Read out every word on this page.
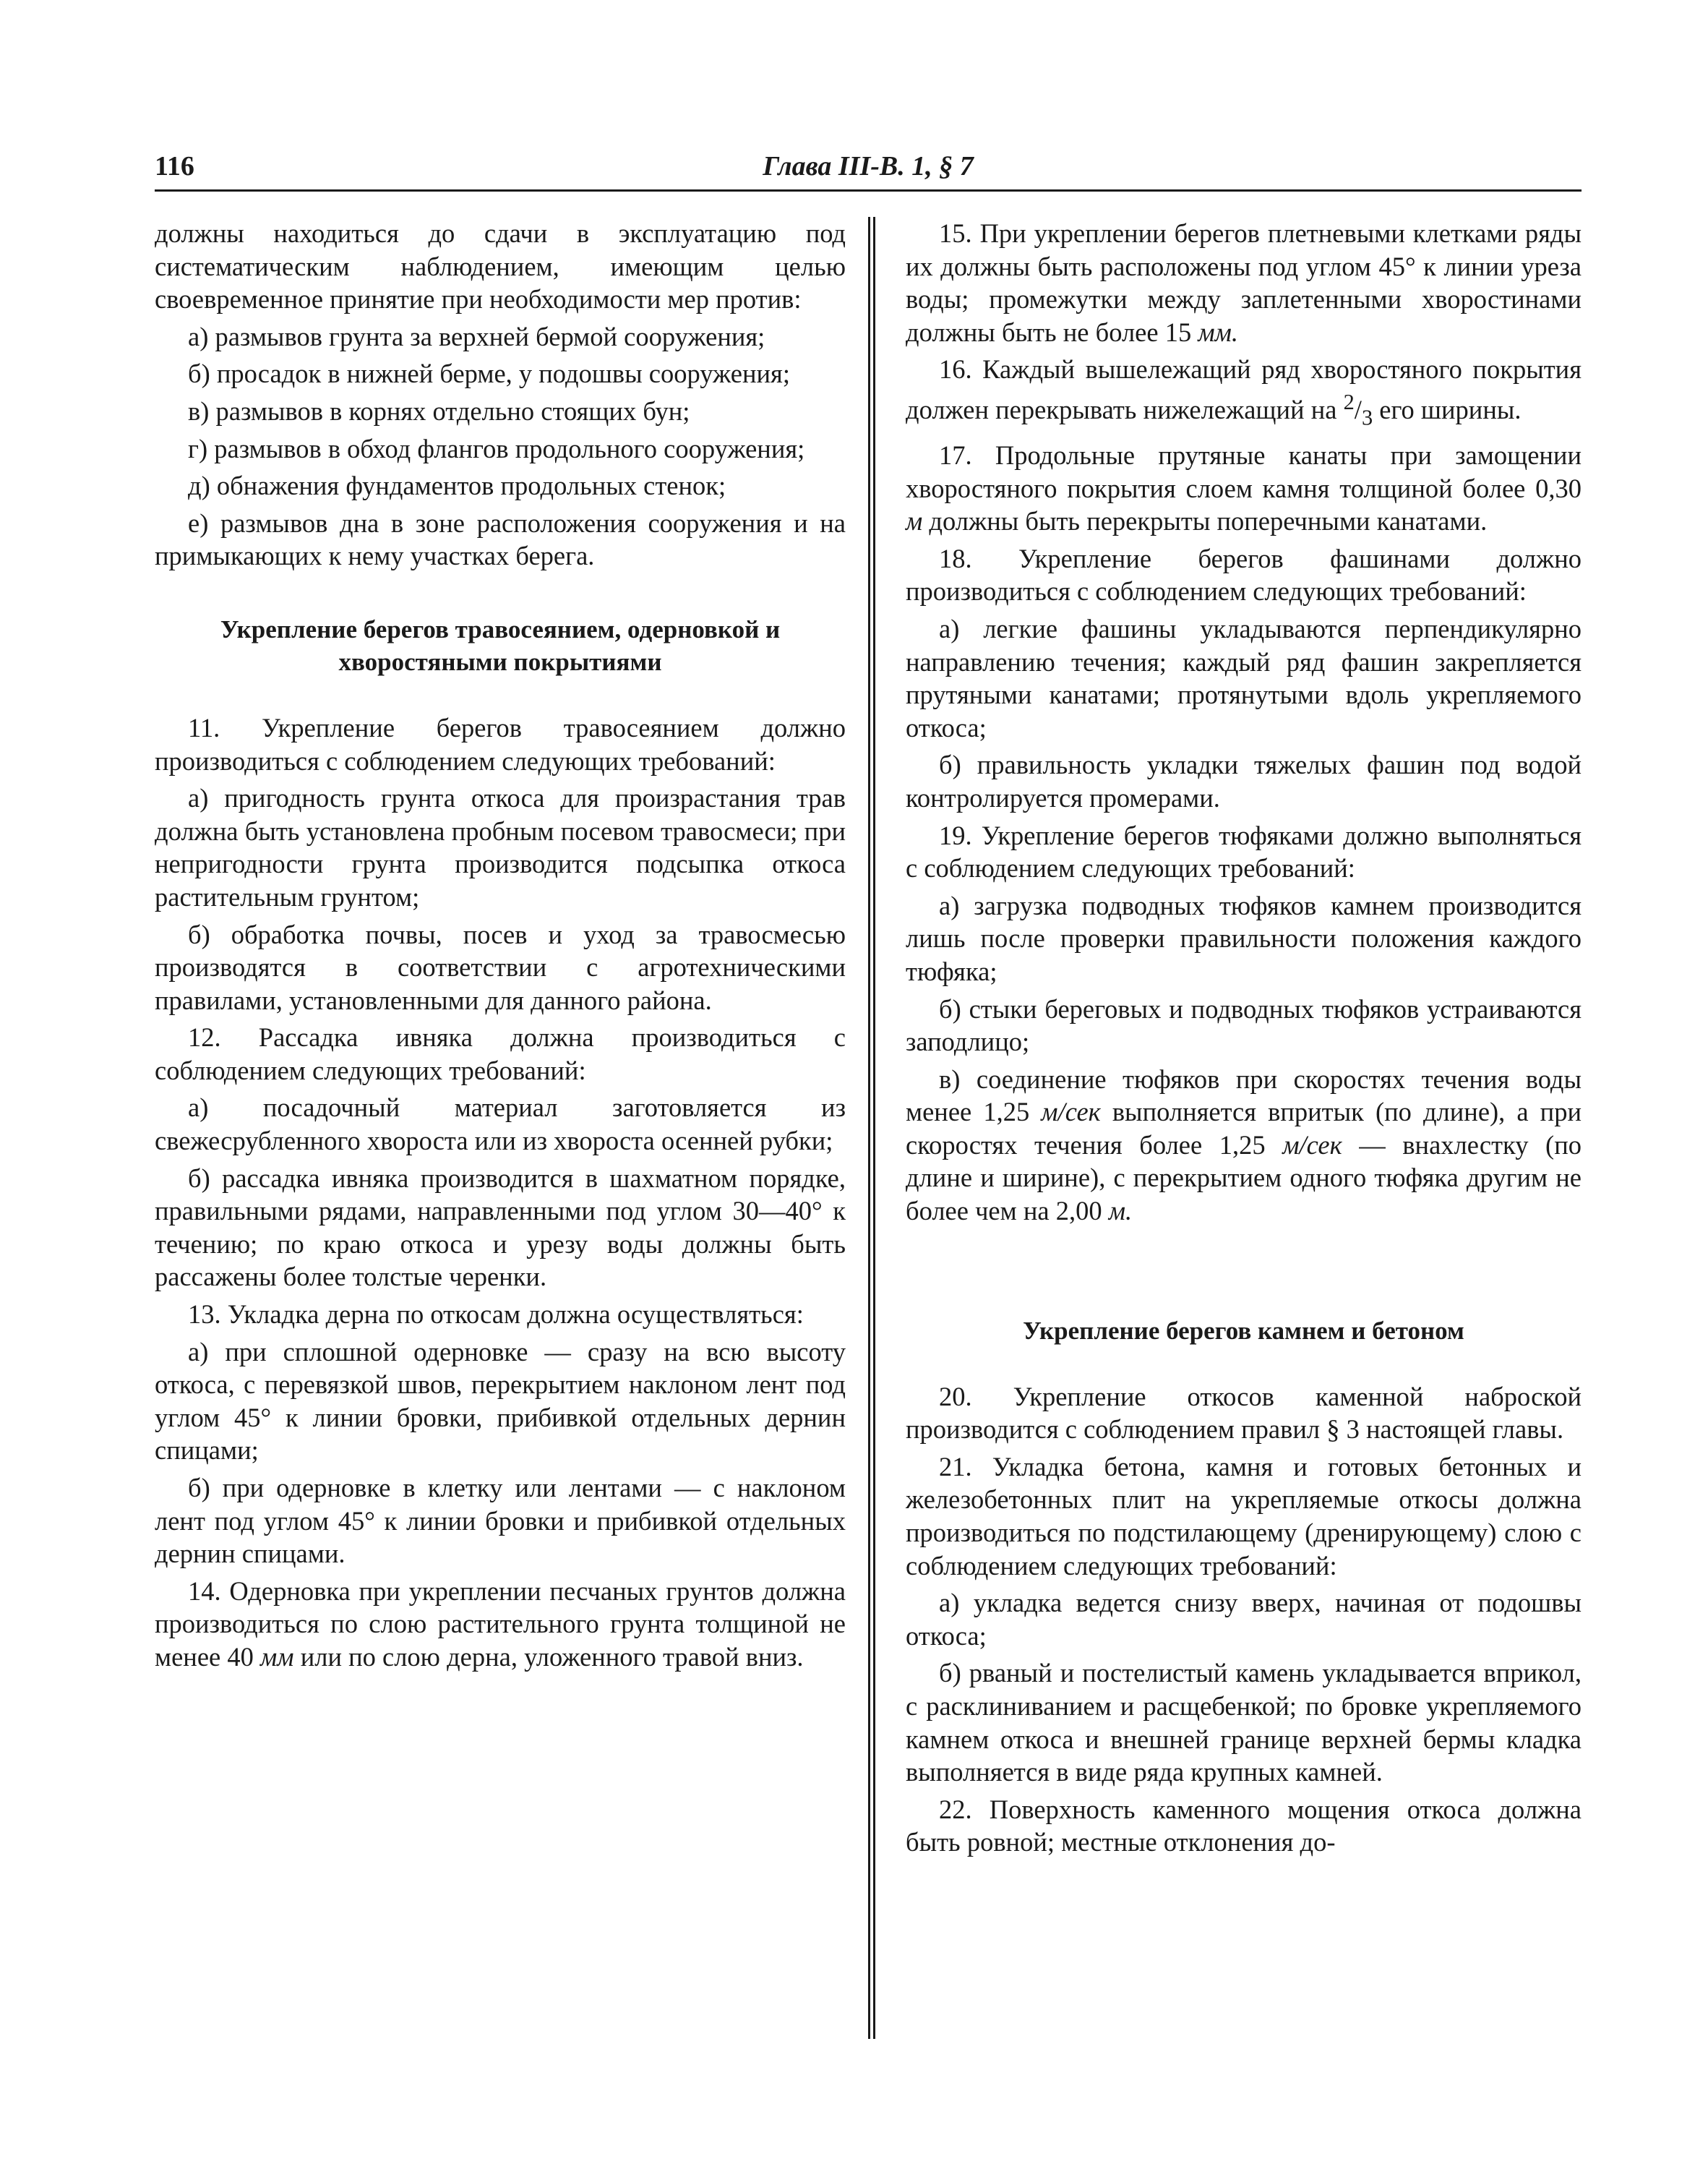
116	Глава III-В. 1, § 7

должны находиться до сдачи в эксплуатацию под систематическим наблюдением, имеющим целью своевременное принятие при необходимости мер против:

а) размывов грунта за верхней бермой сооружения;

б) просадок в нижней берме, у подошвы сооружения;

в) размывов в корнях отдельно стоящих бун;

г) размывов в обход флангов продольного сооружения;

д) обнажения фундаментов продольных стенок;

е) размывов дна в зоне расположения сооружения и на примыкающих к нему участках берега.

Укрепление берегов травосеянием, одерновкой и хворостяными покрытиями

11. Укрепление берегов травосеянием должно производиться с соблюдением следующих требований:

а) пригодность грунта откоса для произрастания трав должна быть установлена пробным посевом травосмеси; при непригодности грунта производится подсыпка откоса растительным грунтом;

б) обработка почвы, посев и уход за травосмесью производятся в соответствии с агротехническими правилами, установленными для данного района.

12. Рассадка ивняка должна производиться с соблюдением следующих требований:

а) посадочный материал заготовляется из свежесрубленного хвороста или из хвороста осенней рубки;

б) рассадка ивняка производится в шахматном порядке, правильными рядами, направленными под углом 30—40° к течению; по краю откоса и урезу воды должны быть рассажены более толстые черенки.

13. Укладка дерна по откосам должна осуществляться:

а) при сплошной одерновке — сразу на всю высоту откоса, с перевязкой швов, перекрытием наклоном лент под углом 45° к линии бровки, прибивкой отдельных дернин спицами;

б) при одерновке в клетку или лентами — с наклоном лент под углом 45° к линии бровки и прибивкой отдельных дернин спицами.

14. Одерновка при укреплении песчаных грунтов должна производиться по слою растительного грунта толщиной не менее 40 мм или по слою дерна, уложенного травой вниз.

15. При укреплении берегов плетневыми клетками ряды их должны быть расположены под углом 45° к линии уреза воды; промежутки между заплетенными хворостинами должны быть не более 15 мм.

16. Каждый вышележащий ряд хворостяного покрытия должен перекрывать нижележащий на $^2/_3$ его ширины.

17. Продольные прутяные канаты при замощении хворостяного покрытия слоем камня толщиной более 0,30 м должны быть перекрыты поперечными канатами.

18. Укрепление берегов фашинами должно производиться с соблюдением следующих требований:

а) легкие фашины укладываются перпендикулярно направлению течения; каждый ряд фашин закрепляется прутяными канатами; протянутыми вдоль укрепляемого откоса;

б) правильность укладки тяжелых фашин под водой контролируется промерами.

19. Укрепление берегов тюфяками должно выполняться с соблюдением следующих требований:

а) загрузка подводных тюфяков камнем производится лишь после проверки правильности положения каждого тюфяка;

б) стыки береговых и подводных тюфяков устраиваются заподлицо;

в) соединение тюфяков при скоростях течения воды менее 1,25 м/сек выполняется впритык (по длине), а при скоростях течения более 1,25 м/сек — внахлестку (по длине и ширине), с перекрытием одного тюфяка другим не более чем на 2,00 м.

Укрепление берегов камнем и бетоном

20. Укрепление откосов каменной наброской производится с соблюдением правил § 3 настоящей главы.

21. Укладка бетона, камня и готовых бетонных и железобетонных плит на укрепляемые откосы должна производиться по подстилающему (дренирующему) слою с соблюдением следующих требований:

а) укладка ведется снизу вверх, начиная от подошвы откоса;

б) рваный и постелистый камень укладывается вприкол, с расклиниванием и расщебенкой; по бровке укрепляемого камнем откоса и внешней границе верхней бермы кладка выполняется в виде ряда крупных камней.

22. Поверхность каменного мощения откоса должна быть ровной; местные отклонения до-
